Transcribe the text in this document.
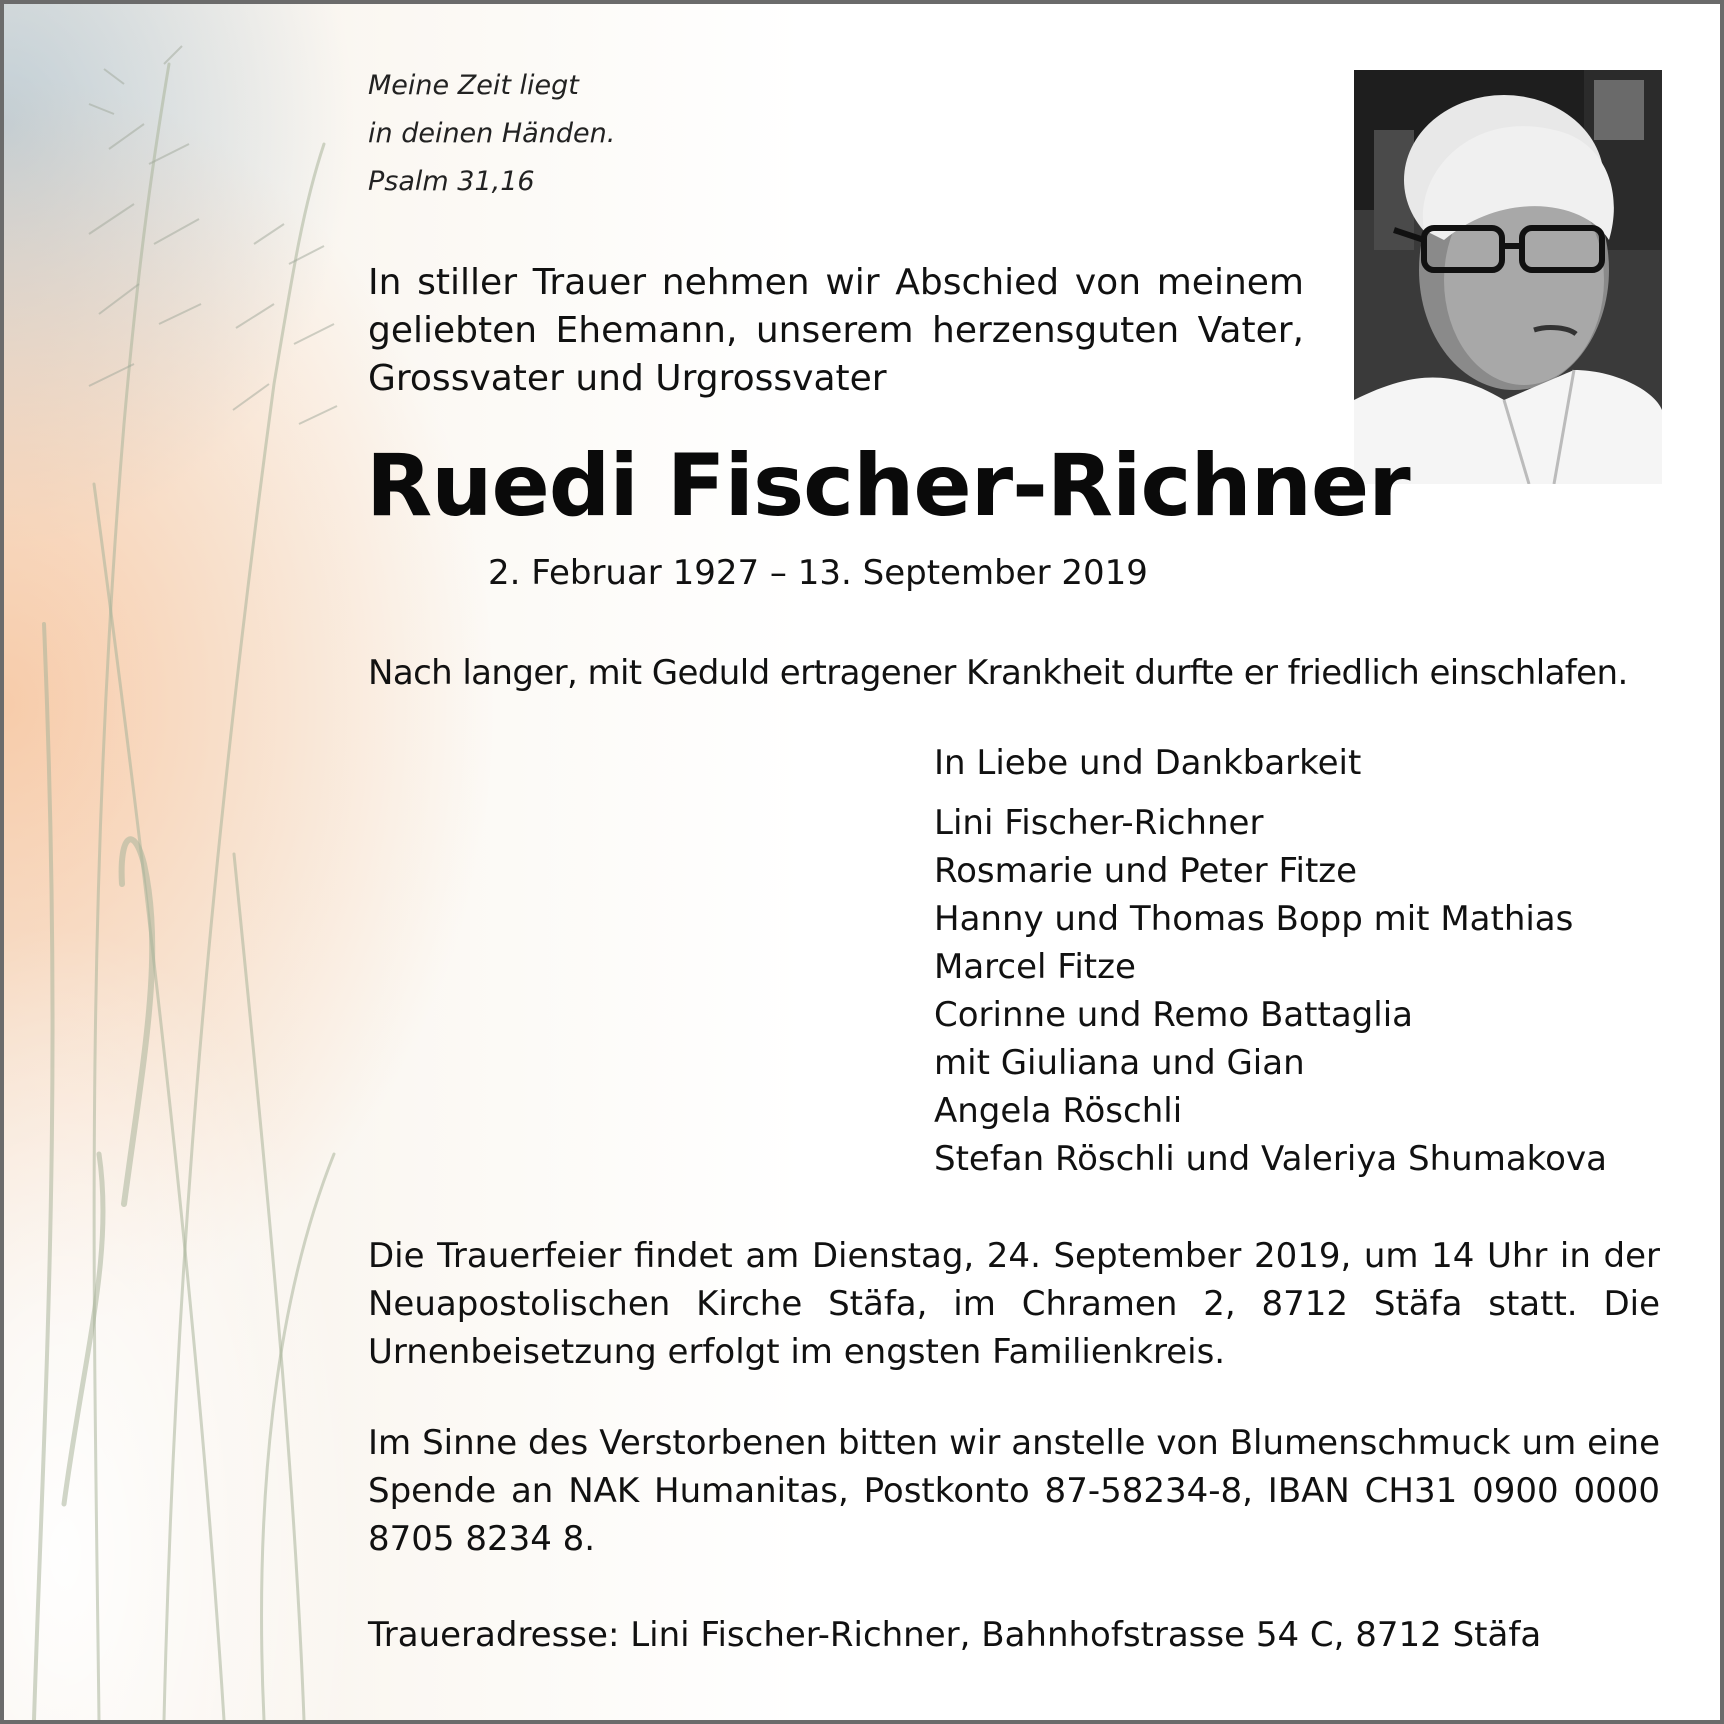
Meine Zeit liegt
in deinen Händen.
Psalm 31,16

In stiller Trauer nehmen wir Abschied von meinem geliebten Ehemann, unserem herzensguten Vater, Grossvater und Urgrossvater

Ruedi Fischer-Richner
2. Februar 1927 – 13. September 2019

Nach langer, mit Geduld ertragener Krankheit durfte er friedlich einschlafen.

In Liebe und Dankbarkeit
Lini Fischer-Richner
Rosmarie und Peter Fitze
Hanny und Thomas Bopp mit Mathias
Marcel Fitze
Corinne und Remo Battaglia
mit Giuliana und Gian
Angela Röschli
Stefan Röschli und Valeriya Shumakova

Die Trauerfeier findet am Dienstag, 24. September 2019, um 14 Uhr in der Neuapostolischen Kirche Stäfa, im Chramen 2, 8712 Stäfa statt. Die Urnenbeisetzung erfolgt im engsten Familienkreis.

Im Sinne des Verstorbenen bitten wir anstelle von Blumenschmuck um eine Spende an NAK Humanitas, Postkonto 87-58234-8, IBAN CH31 0900 0000 8705 8234 8.

Traueradresse: Lini Fischer-Richner, Bahnhofstrasse 54 C, 8712 Stäfa
